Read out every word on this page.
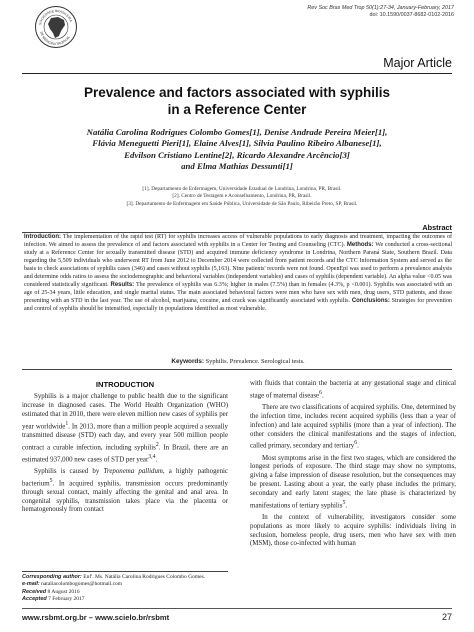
SOCIEDADE BRASILEIRA
DE MEDICINA TROPICAL
Rev Soc Bras Med Trop 50(1):27-34, January-February, 2017
doi: 10.1590/0037-8682-0102-2016
Major Article
Prevalence and factors associated with syphilis
in a Reference Center
Natália Carolina Rodrigues Colombo Gomes[1], Denise Andrade Pereira Meier[1],
Flávia Meneguetti Pieri[1], Elaine Alves[1], Silvia Paulino Ribeiro Albanese[1],
Edvilson Cristiano Lentine[2], Ricardo Alexandre Arcêncio[3]
and Elma Mathias Dessunti[1]
[1]. Departamento de Enfermagem, Universidade Estadual de Londrina, Londrina, PR, Brasil.
[2]. Centro de Testagem e Aconselhamento, Londrina, PR, Brasil.
[3]. Departamento de Enfermagem em Saúde Pública, Universidade de São Paulo, Ribeirão Preto, SP, Brasil.
Abstract
Introduction: The implementation of the rapid test (RT) for syphilis increases access of vulnerable populations to early diagnosis and treatment, impacting the outcomes of infection. We aimed to assess the prevalence of and factors associated with syphilis in a Center for Testing and Counseling (CTC). Methods: We conducted a cross-sectional study at a Reference Center for sexually transmitted disease (STD) and acquired immune deficiency syndrome in Londrina, Northern Paraná State, Southern Brazil. Data regarding the 5,509 individuals who underwent RT from June 2012 to December 2014 were collected from patient records and the CTC Information System and served as the basis to check associations of syphilis cases (346) and cases without syphilis (5,163). Nine patients' records were not found. OpenEpi was used to perform a prevalence analysis and determine odds ratios to assess the sociodemographic and behavioral variables (independent variables) and cases of syphilis (dependent variable). An alpha value <0.05 was considered statistically significant. Results: The prevalence of syphilis was 6.3%; higher in males (7.5%) than in females (4.3%, p <0.001). Syphilis was associated with an age of 25-34 years, little education, and single marital status. The main associated behavioral factors were men who have sex with men, drug users, STD patients, and those presenting with an STD in the last year. The use of alcohol, marijuana, cocaine, and crack was significantly associated with syphilis. Conclusions: Strategies for prevention and control of syphilis should be intensified, especially in populations identified as most vulnerable.
Keywords: Syphilis. Prevalence. Serological tests.
INTRODUCTION

Syphilis is a major challenge to public health due to the significant increase in diagnosed cases. The World Health Organization (WHO) estimated that in 2010, there were eleven million new cases of syphilis per year worldwide$^1$. In 2013, more than a million people acquired a sexually transmitted disease (STD) each day, and every year 500 million people contract a curable infection, including syphilis$^2$. In Brazil, there are an estimated 937,000 new cases of STD per year$^{3,4}$.

Syphilis is caused by Treponema pallidum, a highly pathogenic bacterium$^5$. In acquired syphilis, transmission occurs predominantly through sexual contact, mainly affecting the genital and anal area. In congenital syphilis, transmission takes place via the placenta or hematogenously from contact

with fluids that contain the bacteria at any gestational stage and clinical stage of maternal disease$^6$.

There are two classifications of acquired syphilis. One, determined by the infection time, includes recent acquired syphilis (less than a year of infection) and late acquired syphilis (more than a year of infection). The other considers the clinical manifestations and the stages of infection, called primary, secondary and tertiary$^6$.

Most symptoms arise in the first two stages, which are considered the longest periods of exposure. The third stage may show no symptoms, giving a false impression of disease resolution, but the consequences may be present. Lasting about a year, the early phase includes the primary, secondary and early latent stages; the late phase is characterized by manifestations of tertiary syphilis$^5$.

In the context of vulnerability, investigators consider some populations as more likely to acquire syphilis: individuals living in seclusion, homeless people, drug users, men who have sex with men (MSM), those co-infected with human

Corresponding author: Enf'. Ms. Natália Carolina Rodrigues Colombo Gomes.
e-mail: nataliacolombogomes@hotmail.com
Received 8 August 2016
Accepted 7 February 2017
www.rsbmt.org.br – www.scielo.br/rsbmt	27
